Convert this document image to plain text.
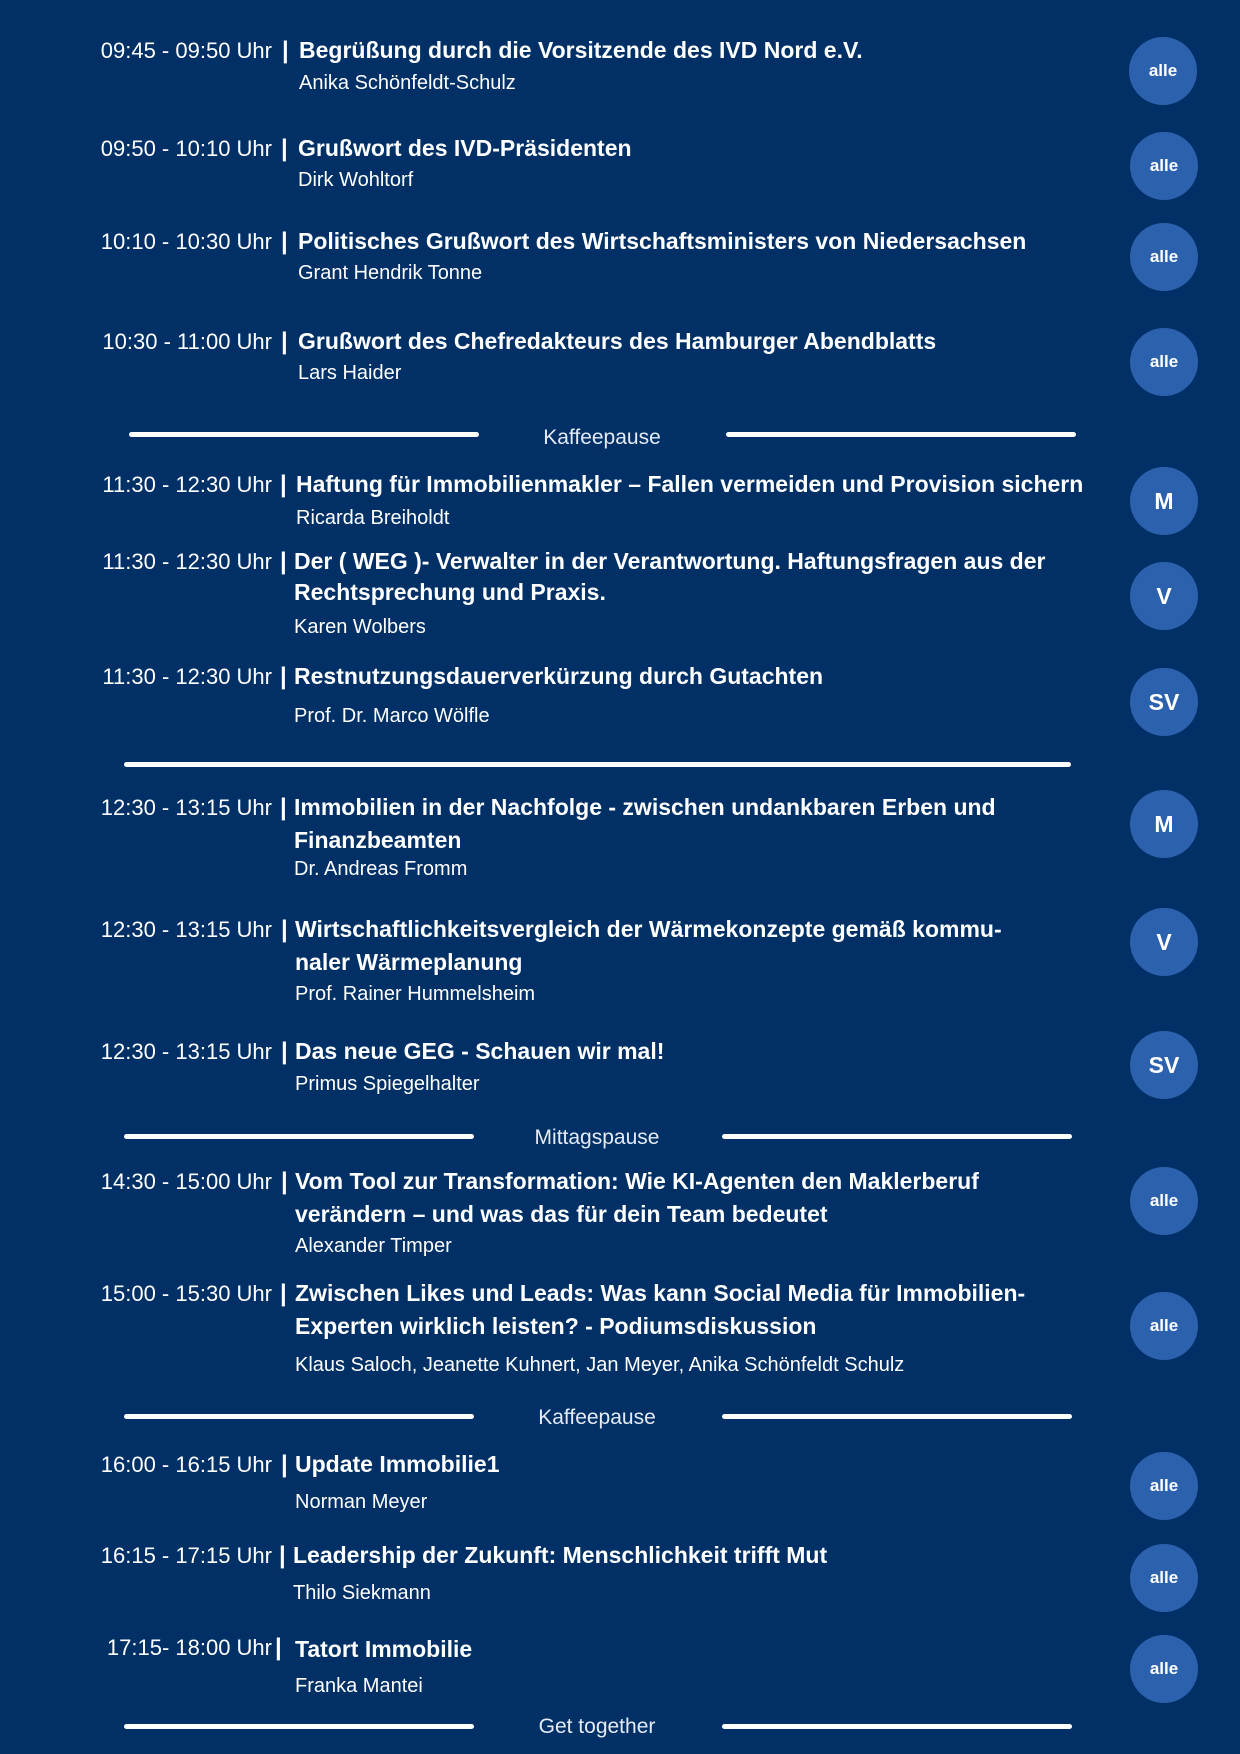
09:45 - 09:50 Uhr | Begrüßung durch die Vorsitzende des IVD Nord e.V.
Anika Schönfeldt-Schulz
alle
09:50 - 10:10 Uhr | Grußwort des IVD-Präsidenten
Dirk Wohltorf
alle
10:10 - 10:30 Uhr | Politisches Grußwort des Wirtschaftsministers von Niedersachsen
Grant Hendrik Tonne
alle
10:30 - 11:00 Uhr | Grußwort des Chefredakteurs des Hamburger Abendblatts
Lars Haider
alle
Kaffeepause
11:30 - 12:30 Uhr | Haftung für Immobilienmakler – Fallen vermeiden und Provision sichern
Ricarda Breiholdt
M
11:30 - 12:30 Uhr | Der ( WEG )- Verwalter in der Verantwortung. Haftungsfragen aus der
Rechtsprechung und Praxis.
Karen Wolbers
V
11:30 - 12:30 Uhr | Restnutzungsdauerverkürzung durch Gutachten
Prof. Dr. Marco Wölfle
SV
12:30 - 13:15 Uhr | Immobilien in der Nachfolge - zwischen undankbaren Erben und
Finanzbeamten
Dr. Andreas Fromm
M
12:30 - 13:15 Uhr | Wirtschaftlichkeitsvergleich der Wärmekonzepte gemäß kommu-
naler Wärmeplanung
Prof. Rainer Hummelsheim
V
12:30 - 13:15 Uhr | Das neue GEG - Schauen wir mal!
Primus Spiegelhalter
SV
Mittagspause
14:30 - 15:00 Uhr | Vom Tool zur Transformation: Wie KI-Agenten den Maklerberuf
verändern – und was das für dein Team bedeutet
Alexander Timper
alle
15:00 - 15:30 Uhr | Zwischen Likes und Leads: Was kann Social Media für Immobilien-
Experten wirklich leisten? - Podiumsdiskussion
Klaus Saloch, Jeanette Kuhnert, Jan Meyer, Anika Schönfeldt Schulz
alle
Kaffeepause
16:00 - 16:15 Uhr | Update Immobilie1
Norman Meyer
alle
16:15 - 17:15 Uhr | Leadership der Zukunft: Menschlichkeit trifft Mut
Thilo Siekmann
alle
17:15- 18:00 Uhr | Tatort Immobilie
Franka Mantei
alle
Get together
